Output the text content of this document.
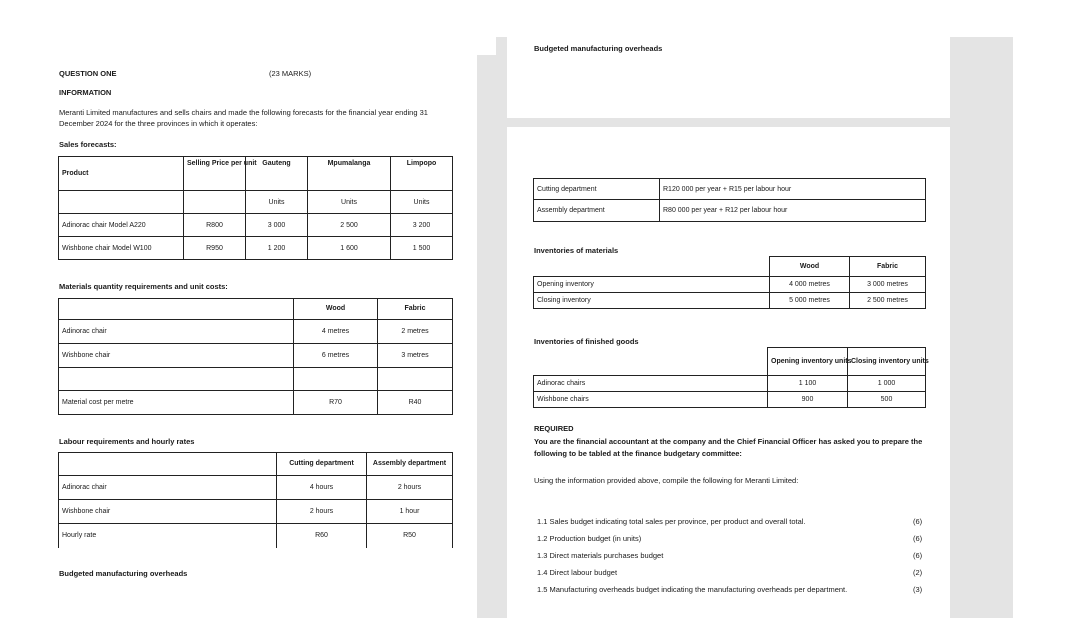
QUESTION ONE	(23 MARKS)
INFORMATION
Meranti Limited manufactures and sells chairs and made the following forecasts for the financial year ending 31 December 2024 for the three provinces in which it operates:
Sales forecasts:
Product	Selling Price per unit	Gauteng	Mpumalanga	Limpopo
		Units	Units	Units
Adinorac chair Model A220	R800	3 000	2 500	3 200
Wishbone chair Model W100	R950	1 200	1 600	1 500
Materials quantity requirements and unit costs:
	Wood	Fabric
Adinorac chair	4 metres	2 metres
Wishbone chair	6 metres	3 metres

Material cost per metre	R70	R40
Labour requirements and hourly rates
	Cutting department	Assembly department
Adinorac chair	4 hours	2 hours
Wishbone chair	2 hours	1 hour
Hourly rate	R60	R50
Budgeted manufacturing overheads
Budgeted manufacturing overheads
Cutting department	R120 000 per year + R15 per labour hour
Assembly department	R80 000 per year + R12 per labour hour
Inventories of materials
	Wood	Fabric
Opening inventory	4 000 metres	3 000 metres
Closing inventory	5 000 metres	2 500 metres
Inventories of finished goods
	Opening inventory units	Closing inventory units
Adinorac chairs	1 100	1 000
Wishbone chairs	900	500
REQUIRED
You are the financial accountant at the company and the Chief Financial Officer has asked you to prepare the following to be tabled at the finance budgetary committee:
Using the information provided above, compile the following for Meranti Limited:
1.1 Sales budget indicating total sales per province, per product and overall total.	(6)
1.2 Production budget (in units)	(6)
1.3 Direct materials purchases budget	(6)
1.4 Direct labour budget	(2)
1.5 Manufacturing overheads budget indicating the manufacturing overheads per department.	(3)
